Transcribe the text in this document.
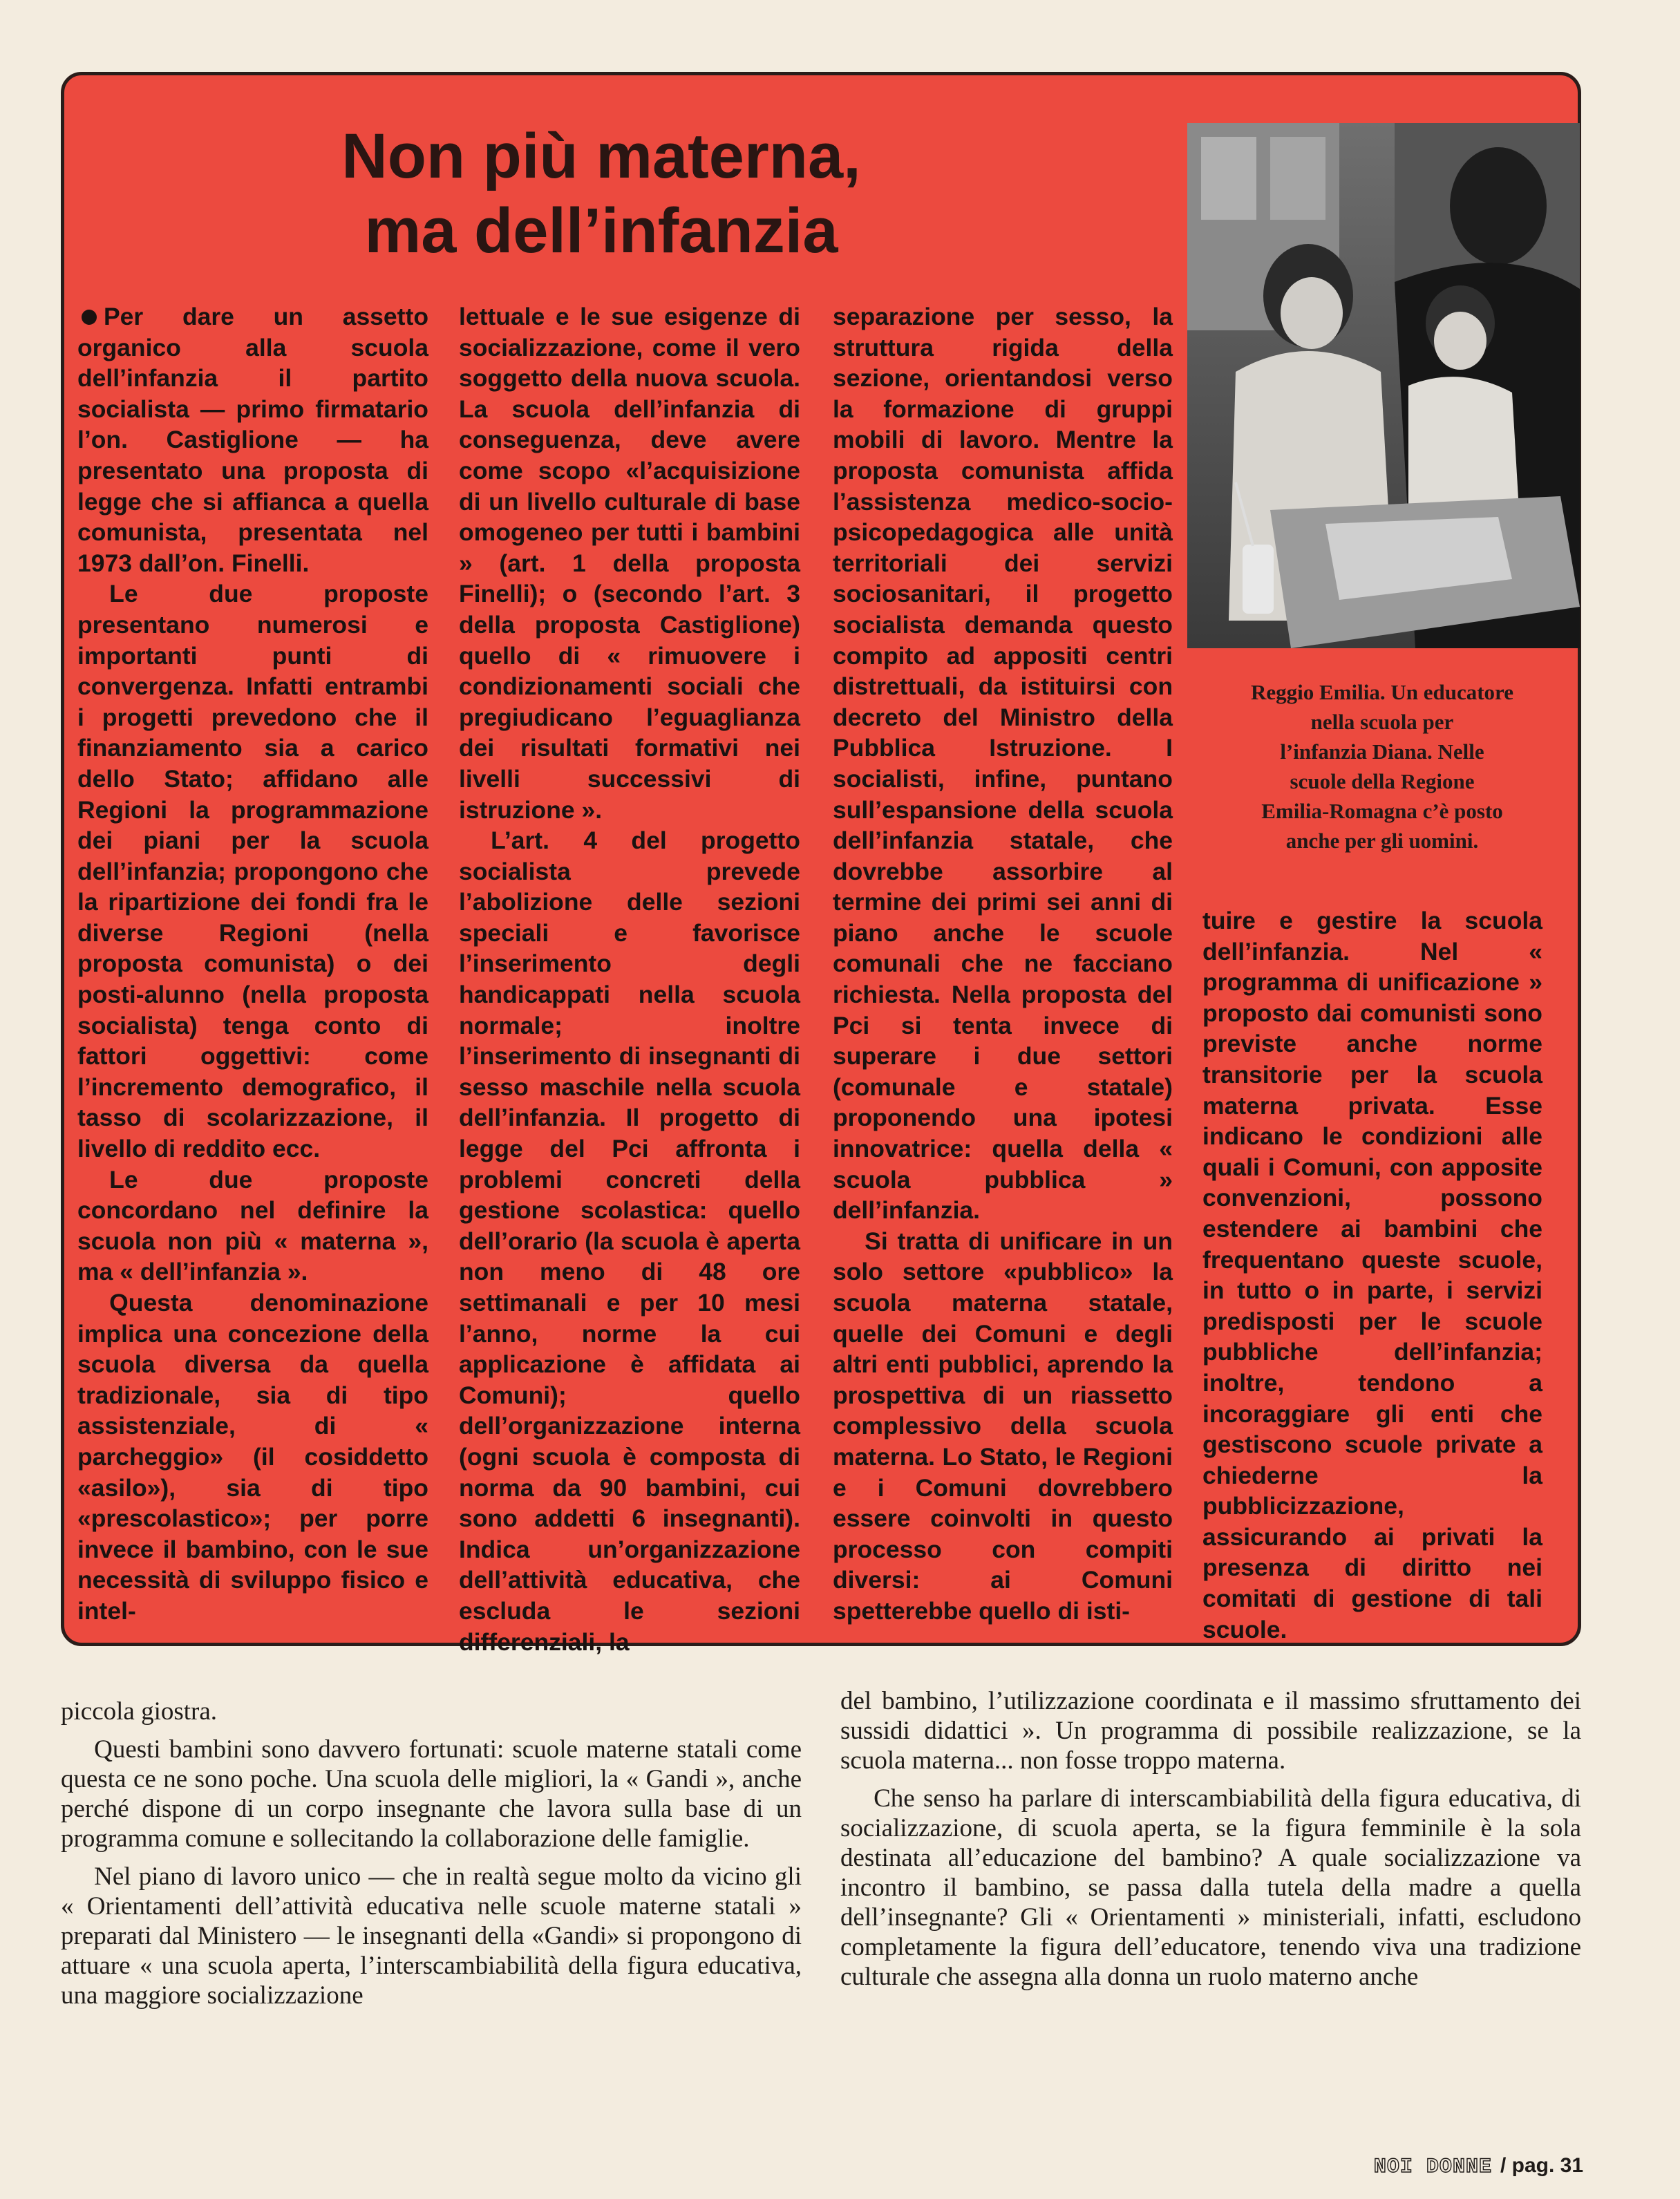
Non più materna,
ma dell’infanzia

Per dare un assetto organico alla scuola dell’infanzia il partito socialista — primo firmatario l’on. Castiglione — ha presentato una proposta di legge che si affianca a quella comunista, presentata nel 1973 dall’on. Finelli.

Le due proposte presentano numerosi e importanti punti di convergenza. Infatti entrambi i progetti prevedono che il finanziamento sia a carico dello Stato; affidano alle Regioni la programmazione dei piani per la scuola dell’infanzia; propongono che la ripartizione dei fondi fra le diverse Regioni (nella proposta comunista) o dei posti-alunno (nella proposta socialista) tenga conto di fattori oggettivi: come l’incremento demografico, il tasso di scolarizzazione, il livello di reddito ecc.

Le due proposte concordano nel definire la scuola non più « materna », ma « dell’infanzia ».

Questa denominazione implica una concezione della scuola diversa da quella tradizionale, sia di tipo assistenziale, di « parcheggio» (il cosiddetto «asilo»), sia di tipo «prescolastico»; per porre invece il bambino, con le sue necessità di sviluppo fisico e intel-

lettuale e le sue esigenze di socializzazione, come il vero soggetto della nuova scuola. La scuola dell’infanzia di conseguenza, deve avere come scopo «l’acquisizione di un livello culturale di base omogeneo per tutti i bambini » (art. 1 della proposta Finelli); o (secondo l’art. 3 della proposta Castiglione) quello di « rimuovere i condizionamenti sociali che pregiudicano l’eguaglianza dei risultati formativi nei livelli successivi di istruzione ».

L’art. 4 del progetto socialista prevede l’abolizione delle sezioni speciali e favorisce l’inserimento degli handicappati nella scuola normale; inoltre l’inserimento di insegnanti di sesso maschile nella scuola dell’infanzia. Il progetto di legge del Pci affronta i problemi concreti della gestione scolastica: quello dell’orario (la scuola è aperta non meno di 48 ore settimanali e per 10 mesi l’anno, norme la cui applicazione è affidata ai Comuni); quello dell’organizzazione interna (ogni scuola è composta di norma da 90 bambini, cui sono addetti 6 insegnanti). Indica un’organizzazione dell’attività educativa, che escluda le sezioni differenziali, la

separazione per sesso, la struttura rigida della sezione, orientandosi verso la formazione di gruppi mobili di lavoro. Mentre la proposta comunista affida l’assistenza medico-socio-psicopedagogica alle unità territoriali dei servizi sociosanitari, il progetto socialista demanda questo compito ad appositi centri distrettuali, da istituirsi con decreto del Ministro della Pubblica Istruzione. I socialisti, infine, puntano sull’espansione della scuola dell’infanzia statale, che dovrebbe assorbire al termine dei primi sei anni di piano anche le scuole comunali che ne facciano richiesta. Nella proposta del Pci si tenta invece di superare i due settori (comunale e statale) proponendo una ipotesi innovatrice: quella della « scuola pubblica » dell’infanzia.

Si tratta di unificare in un solo settore «pubblico» la scuola materna statale, quelle dei Comuni e degli altri enti pubblici, aprendo la prospettiva di un riassetto complessivo della scuola materna. Lo Stato, le Regioni e i Comuni dovrebbero essere coinvolti in questo processo con compiti diversi: ai Comuni spetterebbe quello di isti-

Reggio Emilia. Un educatore
nella scuola per
l’infanzia Diana. Nelle
scuole della Regione
Emilia-Romagna c’è posto
anche per gli uomini.

tuire e gestire la scuola dell’infanzia. Nel « programma di unificazione » proposto dai comunisti sono previste anche norme transitorie per la scuola materna privata. Esse indicano le condizioni alle quali i Comuni, con apposite convenzioni, possono estendere ai bambini che frequentano queste scuole, in tutto o in parte, i servizi predisposti per le scuole pubbliche dell’infanzia; inoltre, tendono a incoraggiare gli enti che gestiscono scuole private a chiederne la pubblicizzazione, assicurando ai privati la presenza di diritto nei comitati di gestione di tali scuole.

piccola giostra.

Questi bambini sono davvero fortunati: scuole materne statali come questa ce ne sono poche. Una scuola delle migliori, la « Gandi », anche perché dispone di un corpo insegnante che lavora sulla base di un programma comune e sollecitando la collaborazione delle famiglie.

Nel piano di lavoro unico — che in realtà segue molto da vicino gli « Orientamenti dell’attività educativa nelle scuole materne statali » preparati dal Ministero — le insegnanti della «Gandi» si propongono di attuare « una scuola aperta, l’interscambiabilità della figura educativa, una maggiore socializzazione

del bambino, l’utilizzazione coordinata e il massimo sfruttamento dei sussidi didattici ». Un programma di possibile realizzazione, se la scuola materna... non fosse troppo materna.

Che senso ha parlare di interscambiabilità della figura educativa, di socializzazione, di scuola aperta, se la figura femminile è la sola destinata all’educazione del bambino? A quale socializzazione va incontro il bambino, se passa dalla tutela della madre a quella dell’insegnante? Gli « Orientamenti » ministeriali, infatti, escludono completamente la figura dell’educatore, tenendo viva una tradizione culturale che assegna alla donna un ruolo materno anche

NOI DONNE / pag. 31
